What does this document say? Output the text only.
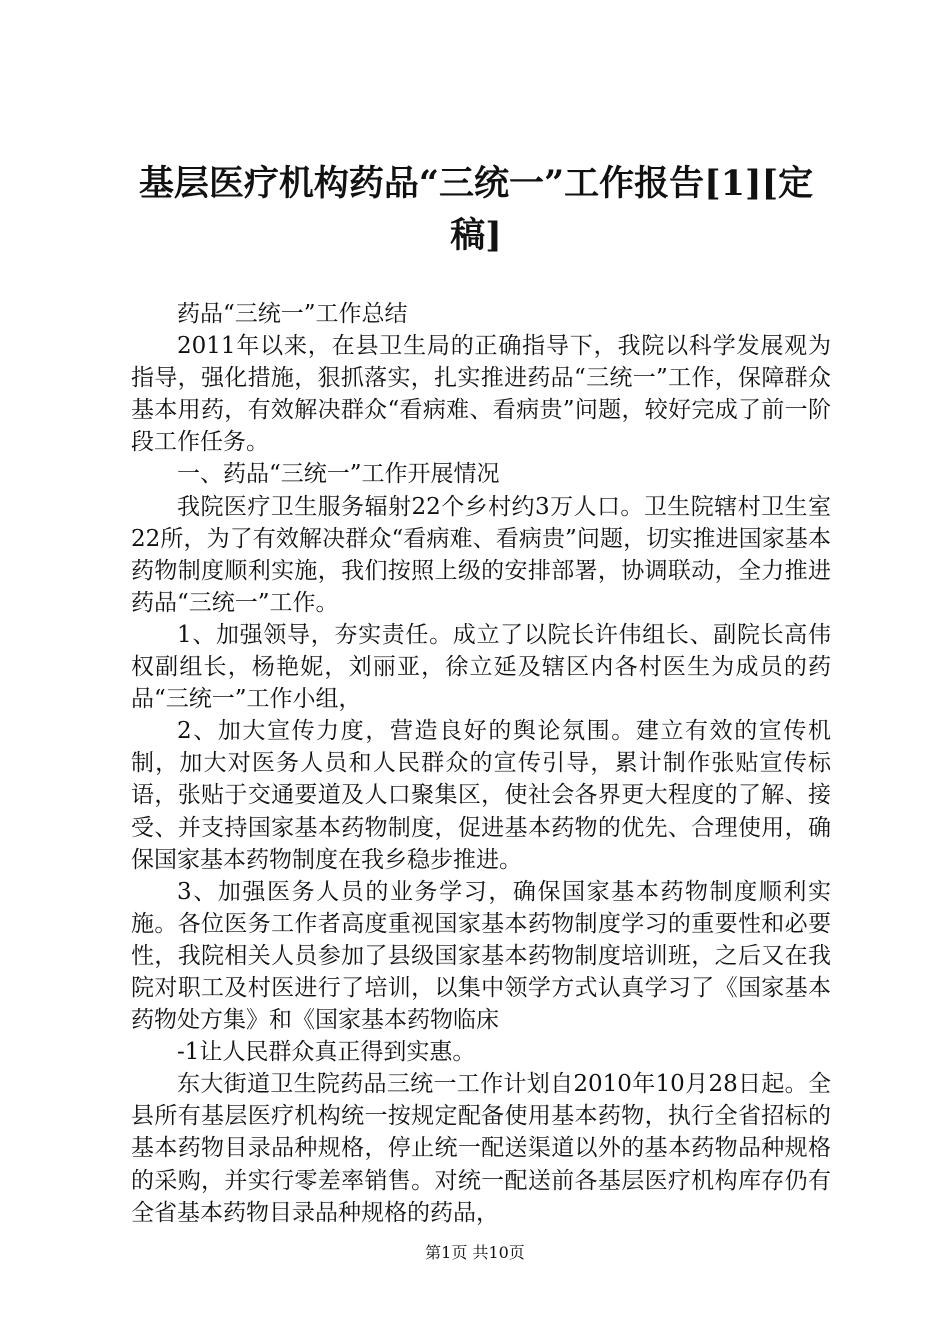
基层医疗机构药品“三统一”工作报告[1][定稿]

药品“三统一”工作总结

2011年以来，在县卫生局的正确指导下，我院以科学发展观为指导，强化措施，狠抓落实，扎实推进药品“三统一”工作，保障群众基本用药，有效解决群众“看病难、看病贵”问题，较好完成了前一阶段工作任务。

一、药品“三统一”工作开展情况

我院医疗卫生服务辐射22个乡村约3万人口。卫生院辖村卫生室22所，为了有效解决群众“看病难、看病贵”问题，切实推进国家基本药物制度顺利实施，我们按照上级的安排部署，协调联动，全力推进药品“三统一”工作。

1、加强领导，夯实责任。成立了以院长许伟组长、副院长高伟权副组长，杨艳妮，刘丽亚，徐立延及辖区内各村医生为成员的药品“三统一”工作小组，

2、加大宣传力度，营造良好的舆论氛围。建立有效的宣传机制，加大对医务人员和人民群众的宣传引导，累计制作张贴宣传标语，张贴于交通要道及人口聚集区，使社会各界更大程度的了解、接受、并支持国家基本药物制度，促进基本药物的优先、合理使用，确保国家基本药物制度在我乡稳步推进。

3、加强医务人员的业务学习，确保国家基本药物制度顺利实施。各位医务工作者高度重视国家基本药物制度学习的重要性和必要性，我院相关人员参加了县级国家基本药物制度培训班，之后又在我院对职工及村医进行了培训，以集中领学方式认真学习了《国家基本药物处方集》和《国家基本药物临床

-1让人民群众真正得到实惠。

东大街道卫生院药品三统一工作计划自2010年10月28日起。全县所有基层医疗机构统一按规定配备使用基本药物，执行全省招标的基本药物目录品种规格，停止统一配送渠道以外的基本药物品种规格的采购，并实行零差率销售。对统一配送前各基层医疗机构库存仍有全省基本药物目录品种规格的药品，

第1页 共10页
